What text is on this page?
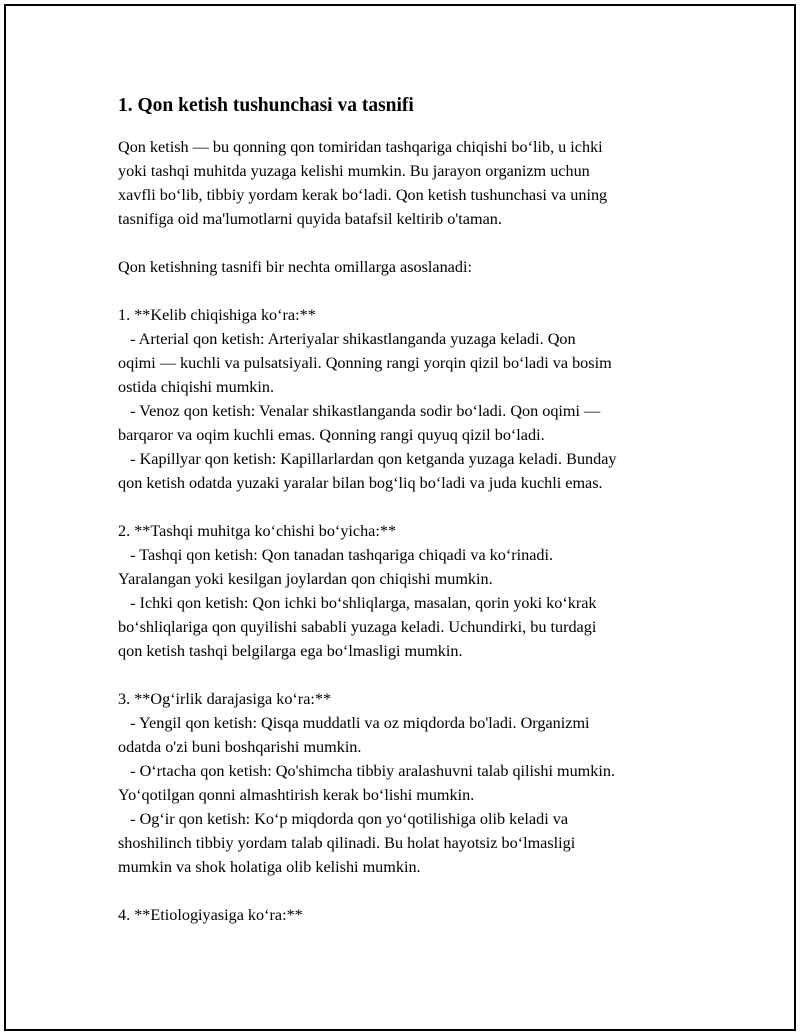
1. Qon ketish tushunchasi va tasnifi
Qon ketish — bu qonning qon tomiridan tashqariga chiqishi bo‘lib, u ichki
yoki tashqi muhitda yuzaga kelishi mumkin. Bu jarayon organizm uchun
xavfli bo‘lib, tibbiy yordam kerak bo‘ladi. Qon ketish tushunchasi va uning
tasnifiga oid ma'lumotlarni quyida batafsil keltirib o'taman.
Qon ketishning tasnifi bir nechta omillarga asoslanadi:
1. **Kelib chiqishiga ko‘ra:**
- Arterial qon ketish: Arteriyalar shikastlanganda yuzaga keladi. Qon
oqimi — kuchli va pulsatsiyali. Qonning rangi yorqin qizil bo‘ladi va bosim
ostida chiqishi mumkin.
- Venoz qon ketish: Venalar shikastlanganda sodir bo‘ladi. Qon oqimi —
barqaror va oqim kuchli emas. Qonning rangi quyuq qizil bo‘ladi.
- Kapillyar qon ketish: Kapillarlardan qon ketganda yuzaga keladi. Bunday
qon ketish odatda yuzaki yaralar bilan bog‘liq bo‘ladi va juda kuchli emas.
2. **Tashqi muhitga ko‘chishi bo‘yicha:**
- Tashqi qon ketish: Qon tanadan tashqariga chiqadi va ko‘rinadi.
Yaralangan yoki kesilgan joylardan qon chiqishi mumkin.
- Ichki qon ketish: Qon ichki bo‘shliqlarga, masalan, qorin yoki ko‘krak
bo‘shliqlariga qon quyilishi sababli yuzaga keladi. Uchundirki, bu turdagi
qon ketish tashqi belgilarga ega bo‘lmasligi mumkin.
3. **Og‘irlik darajasiga ko‘ra:**
- Yengil qon ketish: Qisqa muddatli va oz miqdorda bo'ladi. Organizmi
odatda o'zi buni boshqarishi mumkin.
- O‘rtacha qon ketish: Qo'shimcha tibbiy aralashuvni talab qilishi mumkin.
Yo‘qotilgan qonni almashtirish kerak bo‘lishi mumkin.
- Og‘ir qon ketish: Ko‘p miqdorda qon yo‘qotilishiga olib keladi va
shoshilinch tibbiy yordam talab qilinadi. Bu holat hayotsiz bo‘lmasligi
mumkin va shok holatiga olib kelishi mumkin.
4. **Etiologiyasiga ko‘ra:**
